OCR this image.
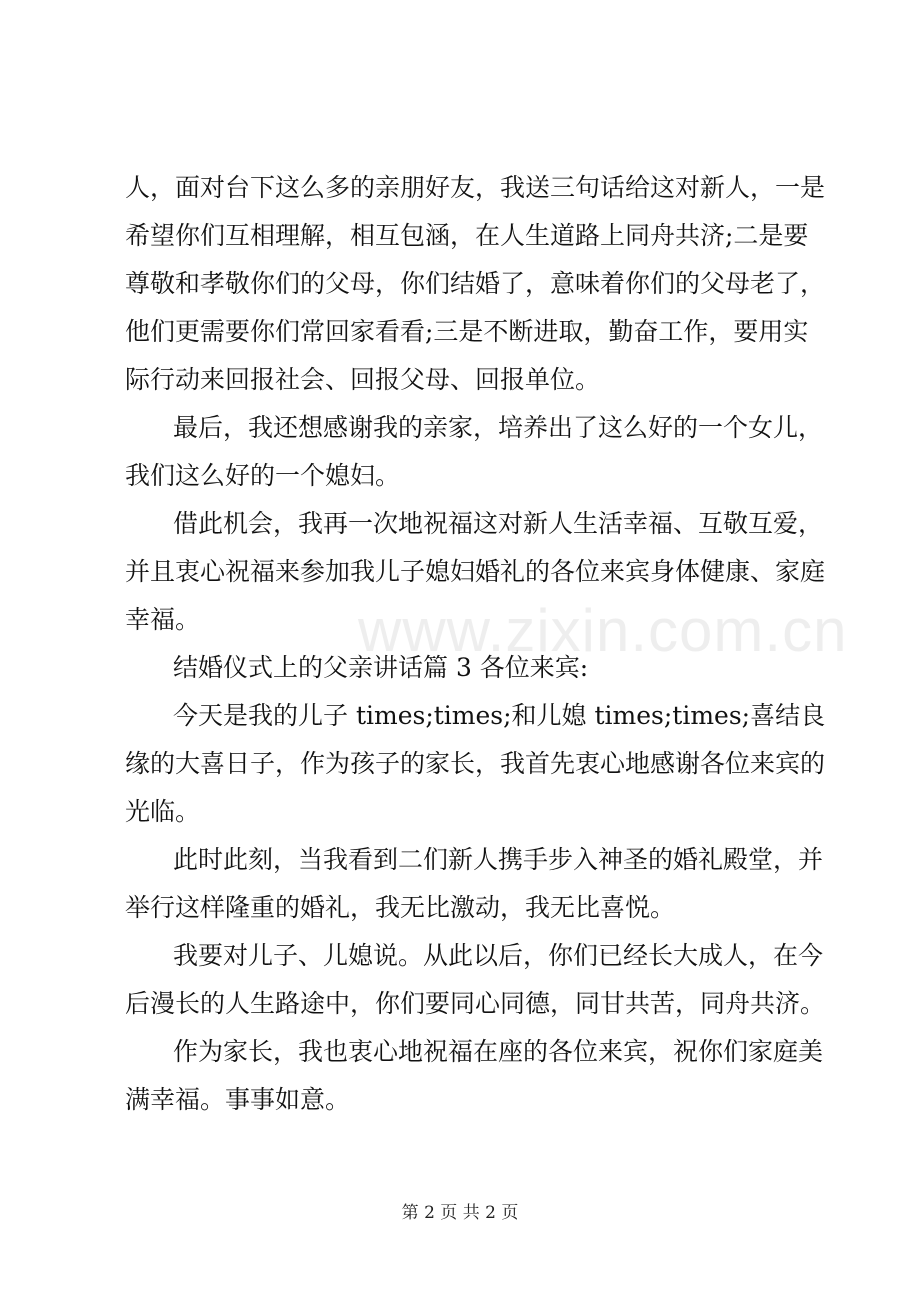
www.zixin.com.cn
人，面对台下这么多的亲朋好友，我送三句话给这对新人，一是
希望你们互相理解，相互包涵，在人生道路上同舟共济;二是要
尊敬和孝敬你们的父母，你们结婚了，意味着你们的父母老了，
他们更需要你们常回家看看;三是不断进取，勤奋工作，要用实
际行动来回报社会、回报父母、回报单位。
最后，我还想感谢我的亲家，培养出了这么好的一个女儿，
我们这么好的一个媳妇。
借此机会，我再一次地祝福这对新人生活幸福、互敬互爱，
并且衷心祝福来参加我儿子媳妇婚礼的各位来宾身体健康、家庭
幸福。
结婚仪式上的父亲讲话篇 3 各位来宾:
今天是我的儿子 times;times;和儿媳 times;times;喜结良
缘的大喜日子，作为孩子的家长，我首先衷心地感谢各位来宾的
光临。
此时此刻，当我看到二们新人携手步入神圣的婚礼殿堂，并
举行这样隆重的婚礼，我无比激动，我无比喜悦。
我要对儿子、儿媳说。从此以后，你们已经长大成人，在今
后漫长的人生路途中，你们要同心同德，同甘共苦，同舟共济。
作为家长，我也衷心地祝福在座的各位来宾，祝你们家庭美
满幸福。事事如意。
第 2 页 共 2 页
